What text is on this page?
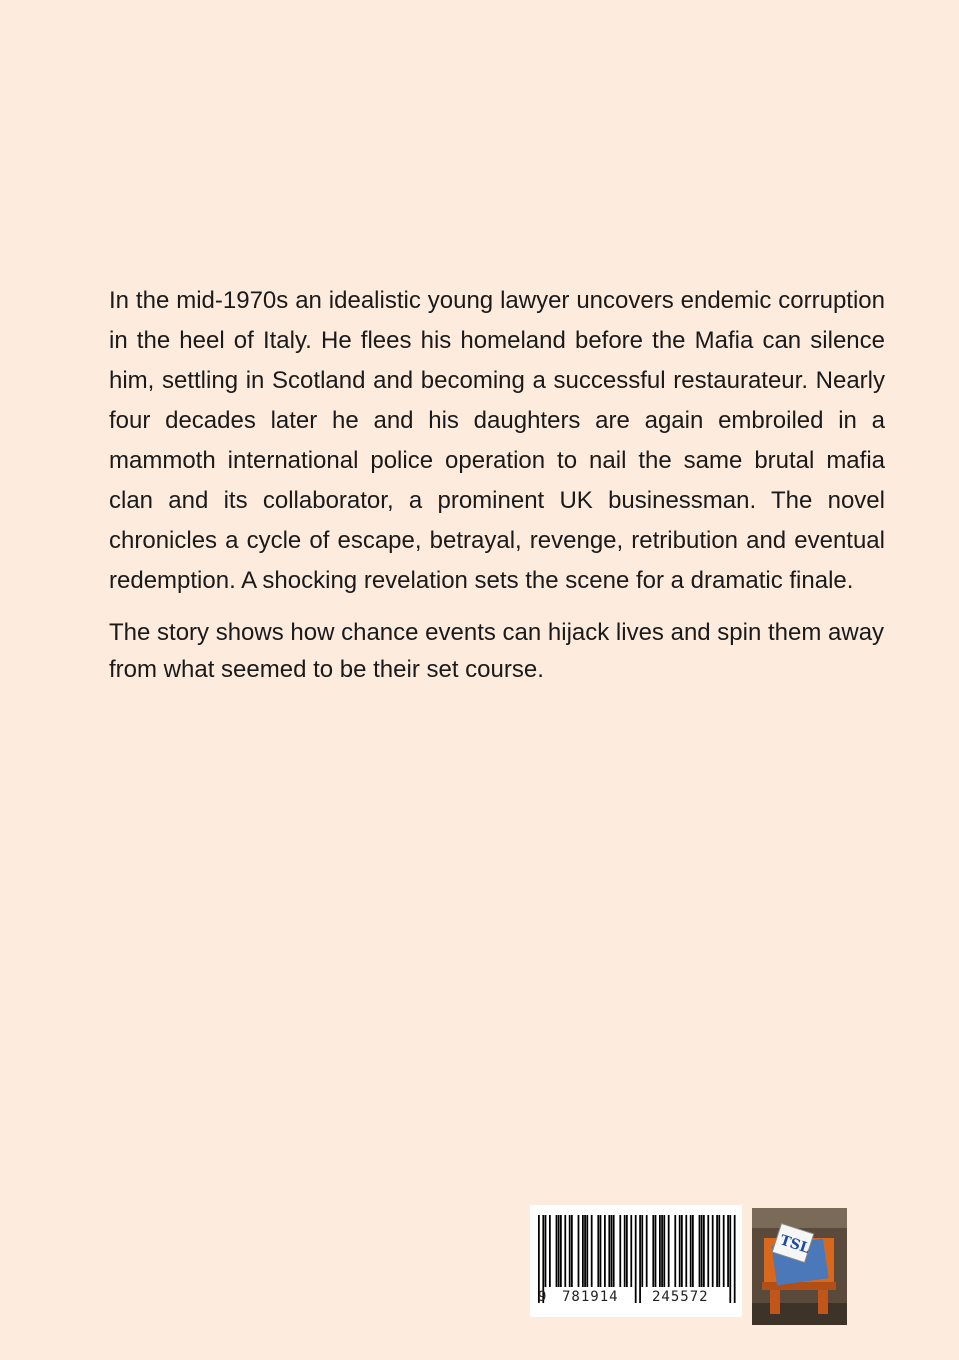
In the mid-1970s an idealistic young lawyer uncovers endemic corruption in the heel of Italy. He flees his homeland before the Mafia can silence him, settling in Scotland and becoming a successful restaurateur. Nearly four decades later he and his daughters are again embroiled in a mammoth international police operation to nail the same brutal mafia clan and its collaborator, a prominent UK businessman. The novel chronicles a cycle of escape, betrayal, revenge, retribution and eventual redemption. A shocking revelation sets the scene for a dramatic finale.

The story shows how chance events can hijack lives and spin them away from what seemed to be their set course.

9 781914 245572
TSL
